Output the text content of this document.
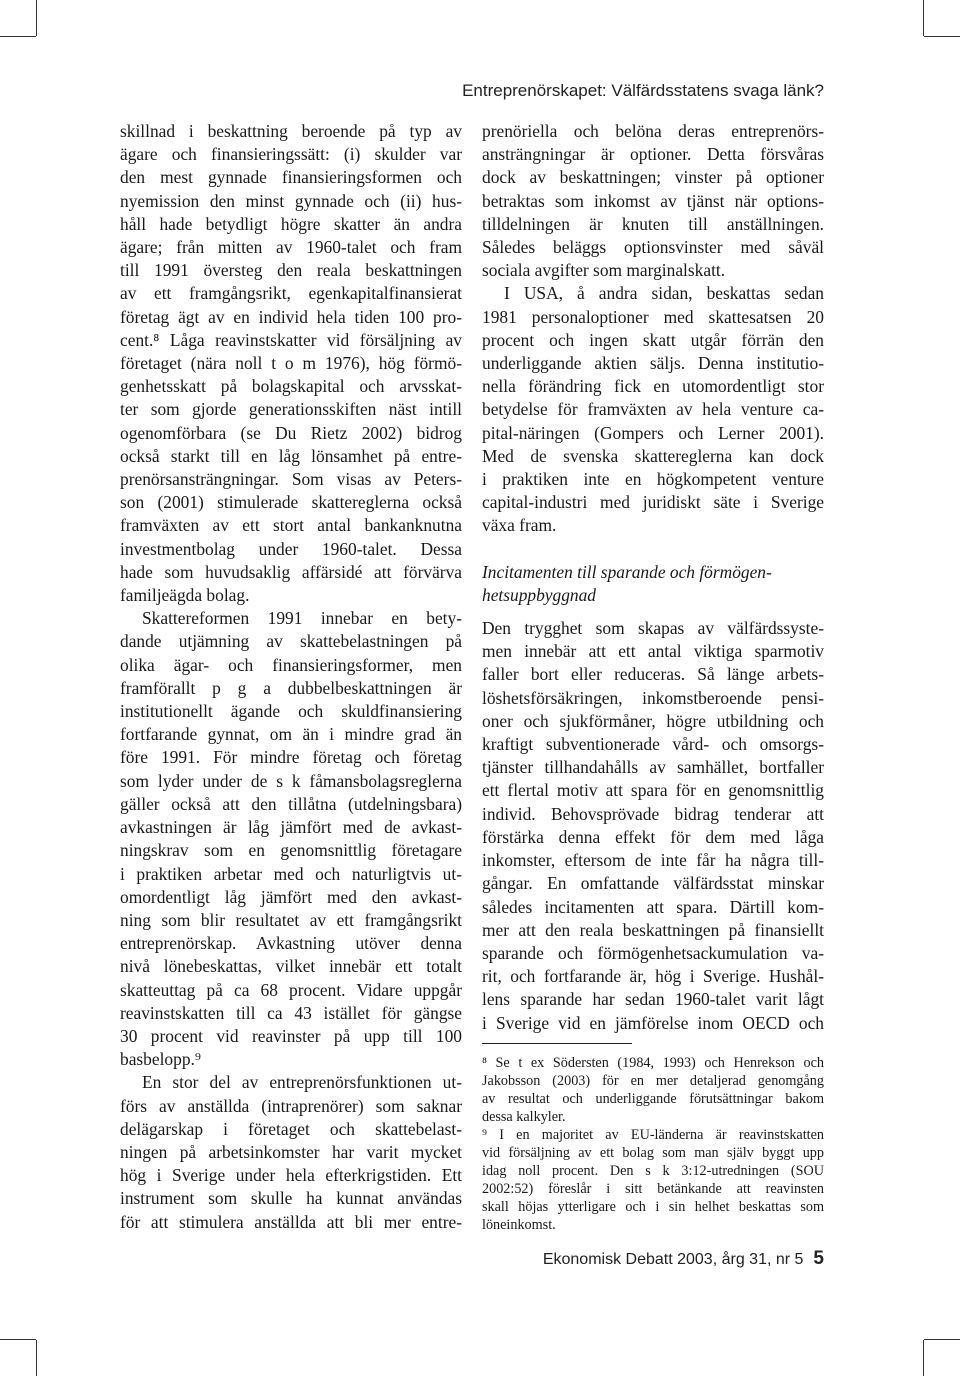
Entreprenörskapet: Välfärdsstatens svaga länk?
skillnad i beskattning beroende på typ av
ägare och finansieringssätt: (i) skulder var
den mest gynnade finansieringsformen och
nyemission den minst gynnade och (ii) hus-
håll hade betydligt högre skatter än andra
ägare; från mitten av 1960-talet och fram
till 1991 översteg den reala beskattningen
av ett framgångsrikt, egenkapitalfinansierat
företag ägt av en individ hela tiden 100 pro-
cent.⁸ Låga reavinstskatter vid försäljning av
företaget (nära noll t o m 1976), hög förmö-
genhetsskatt på bolagskapital och arvsskat-
ter som gjorde generationsskiften näst intill
ogenomförbara (se Du Rietz 2002) bidrog
också starkt till en låg lönsamhet på entre-
prenörsansträngningar. Som visas av Peters-
son (2001) stimulerade skattereglerna också
framväxten av ett stort antal bankanknutna
investmentbolag under 1960-talet. Dessa
hade som huvudsaklig affärsidé att förvärva
familjeägda bolag.
Skattereformen 1991 innebar en bety-
dande utjämning av skattebelastningen på
olika ägar- och finansieringsformer, men
framförallt p g a dubbelbeskattningen är
institutionellt ägande och skuldfinansiering
fortfarande gynnat, om än i mindre grad än
före 1991. För mindre företag och företag
som lyder under de s k fåmansbolagsreglerna
gäller också att den tillåtna (utdelningsbara)
avkastningen är låg jämfört med de avkast-
ningskrav som en genomsnittlig företagare
i praktiken arbetar med och naturligtvis ut-
omordentligt låg jämfört med den avkast-
ning som blir resultatet av ett framgångsrikt
entreprenörskap. Avkastning utöver denna
nivå lönebeskattas, vilket innebär ett totalt
skatteuttag på ca 68 procent. Vidare uppgår
reavinstskatten till ca 43 istället för gängse
30 procent vid reavinster på upp till 100
basbelopp.⁹
En stor del av entreprenörsfunktionen ut-
förs av anställda (intraprenörer) som saknar
delägarskap i företaget och skattebelast-
ningen på arbetsinkomster har varit mycket
hög i Sverige under hela efterkrigstiden. Ett
instrument som skulle ha kunnat användas
för att stimulera anställda att bli mer entre-
prenöriella och belöna deras entreprenörs-
ansträngningar är optioner. Detta försvåras
dock av beskattningen; vinster på optioner
betraktas som inkomst av tjänst när options-
tilldelningen är knuten till anställningen.
Således beläggs optionsvinster med såväl
sociala avgifter som marginalskatt.
I USA, å andra sidan, beskattas sedan
1981 personaloptioner med skattesatsen 20
procent och ingen skatt utgår förrän den
underliggande aktien säljs. Denna institutio-
nella förändring fick en utomordentligt stor
betydelse för framväxten av hela venture ca-
pital-näringen (Gompers och Lerner 2001).
Med de svenska skattereglerna kan dock
i praktiken inte en högkompetent venture
capital-industri med juridiskt säte i Sverige
växa fram.
Incitamenten till sparande och förmögen-
hetsuppbyggnad
Den trygghet som skapas av välfärdssyste-
men innebär att ett antal viktiga sparmotiv
faller bort eller reduceras. Så länge arbets-
löshetsförsäkringen, inkomstberoende pensi-
oner och sjukförmåner, högre utbildning och
kraftigt subventionerade vård- och omsorgs-
tjänster tillhandahålls av samhället, bortfaller
ett flertal motiv att spara för en genomsnittlig
individ. Behovsprövade bidrag tenderar att
förstärka denna effekt för dem med låga
inkomster, eftersom de inte får ha några till-
gångar. En omfattande välfärdsstat minskar
således incitamenten att spara. Därtill kom-
mer att den reala beskattningen på finansiellt
sparande och förmögenhetsackumulation va-
rit, och fortfarande är, hög i Sverige. Hushål-
lens sparande har sedan 1960-talet varit lågt
i Sverige vid en jämförelse inom OECD och
⁸ Se t ex Södersten (1984, 1993) och Henrekson och
Jakobsson (2003) för en mer detaljerad genomgång
av resultat och underliggande förutsättningar bakom
dessa kalkyler.
⁹ I en majoritet av EU-länderna är reavinstskatten
vid försäljning av ett bolag som man själv byggt upp
idag noll procent. Den s k 3:12-utredningen (SOU
2002:52) föreslår i sitt betänkande att reavinsten
skall höjas ytterligare och i sin helhet beskattas som
löneinkomst.
Ekonomisk Debatt 2003, årg 31, nr 5 5
